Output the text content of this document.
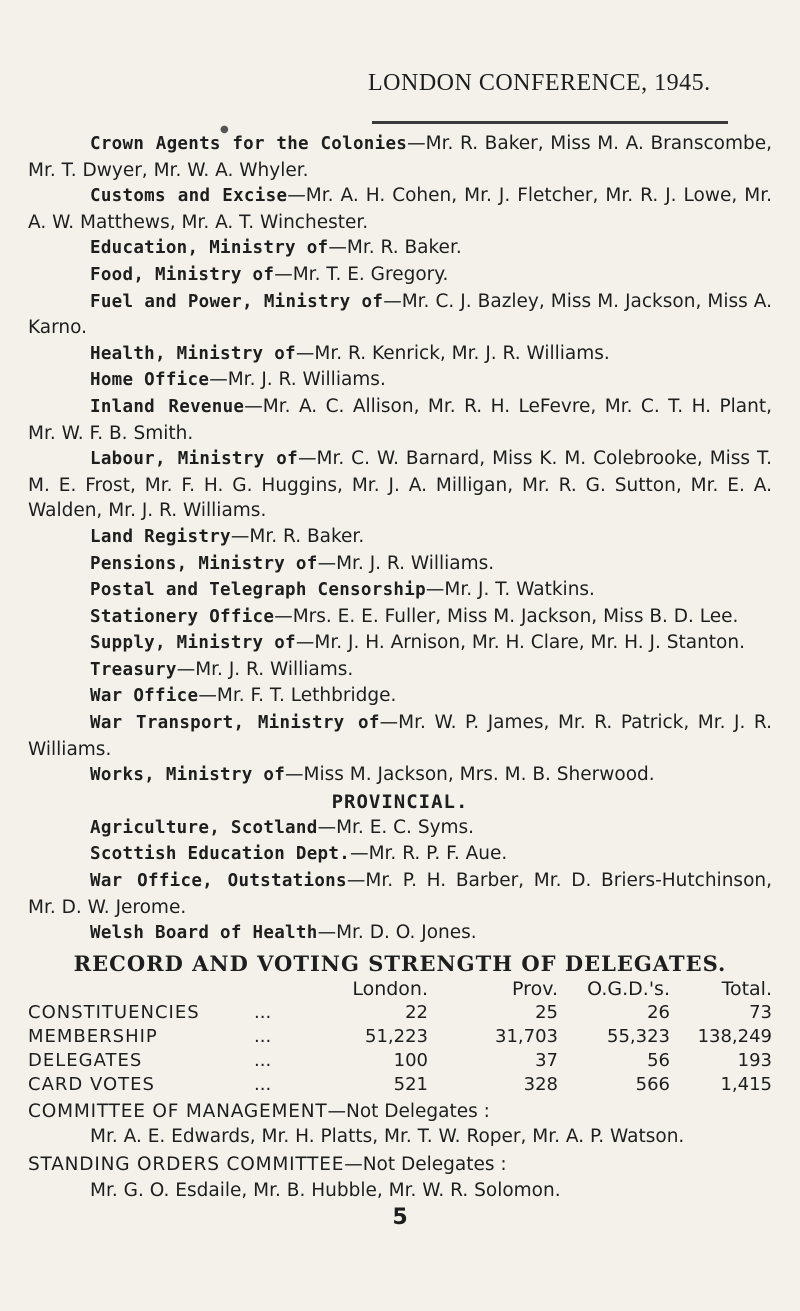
LONDON CONFERENCE, 1945.
●

Crown Agents for the Colonies—Mr. R. Baker, Miss M. A. Branscombe, Mr. T. Dwyer, Mr. W. A. Whyler.

Customs and Excise—Mr. A. H. Cohen, Mr. J. Fletcher, Mr. R. J. Lowe, Mr. A. W. Matthews, Mr. A. T. Winchester.

Education, Ministry of—Mr. R. Baker.

Food, Ministry of—Mr. T. E. Gregory.

Fuel and Power, Ministry of—Mr. C. J. Bazley, Miss M. Jackson, Miss A. Karno.

Health, Ministry of—Mr. R. Kenrick, Mr. J. R. Williams.

Home Office—Mr. J. R. Williams.

Inland Revenue—Mr. A. C. Allison, Mr. R. H. LeFevre, Mr. C. T. H. Plant, Mr. W. F. B. Smith.

Labour, Ministry of—Mr. C. W. Barnard, Miss K. M. Colebrooke, Miss T. M. E. Frost, Mr. F. H. G. Huggins, Mr. J. A. Milligan, Mr. R. G. Sutton, Mr. E. A. Walden, Mr. J. R. Williams.

Land Registry—Mr. R. Baker.

Pensions, Ministry of—Mr. J. R. Williams.

Postal and Telegraph Censorship—Mr. J. T. Watkins.

Stationery Office—Mrs. E. E. Fuller, Miss M. Jackson, Miss B. D. Lee.

Supply, Ministry of—Mr. J. H. Arnison, Mr. H. Clare, Mr. H. J. Stanton.

Treasury—Mr. J. R. Williams.

War Office—Mr. F. T. Lethbridge.

War Transport, Ministry of—Mr. W. P. James, Mr. R. Patrick, Mr. J. R. Williams.

Works, Ministry of—Miss M. Jackson, Mrs. M. B. Sherwood.

PROVINCIAL.

Agriculture, Scotland—Mr. E. C. Syms.

Scottish Education Dept.—Mr. R. P. F. Aue.

War Office, Outstations—Mr. P. H. Barber, Mr. D. Briers-Hutchinson, Mr. D. W. Jerome.

Welsh Board of Health—Mr. D. O. Jones.

RECORD AND VOTING STRENGTH OF DELEGATES.

		London.	Prov.	O.G.D.'s.	Total.
CONSTITUENCIES	...	22	25	26	73
MEMBERSHIP	...	51,223	31,703	55,323	138,249
DELEGATES	...	100	37	56	193
CARD VOTES	...	521	328	566	1,415

COMMITTEE OF MANAGEMENT—Not Delegates :

Mr. A. E. Edwards, Mr. H. Platts, Mr. T. W. Roper, Mr. A. P. Watson.

STANDING ORDERS COMMITTEE—Not Delegates :

Mr. G. O. Esdaile, Mr. B. Hubble, Mr. W. R. Solomon.

5
